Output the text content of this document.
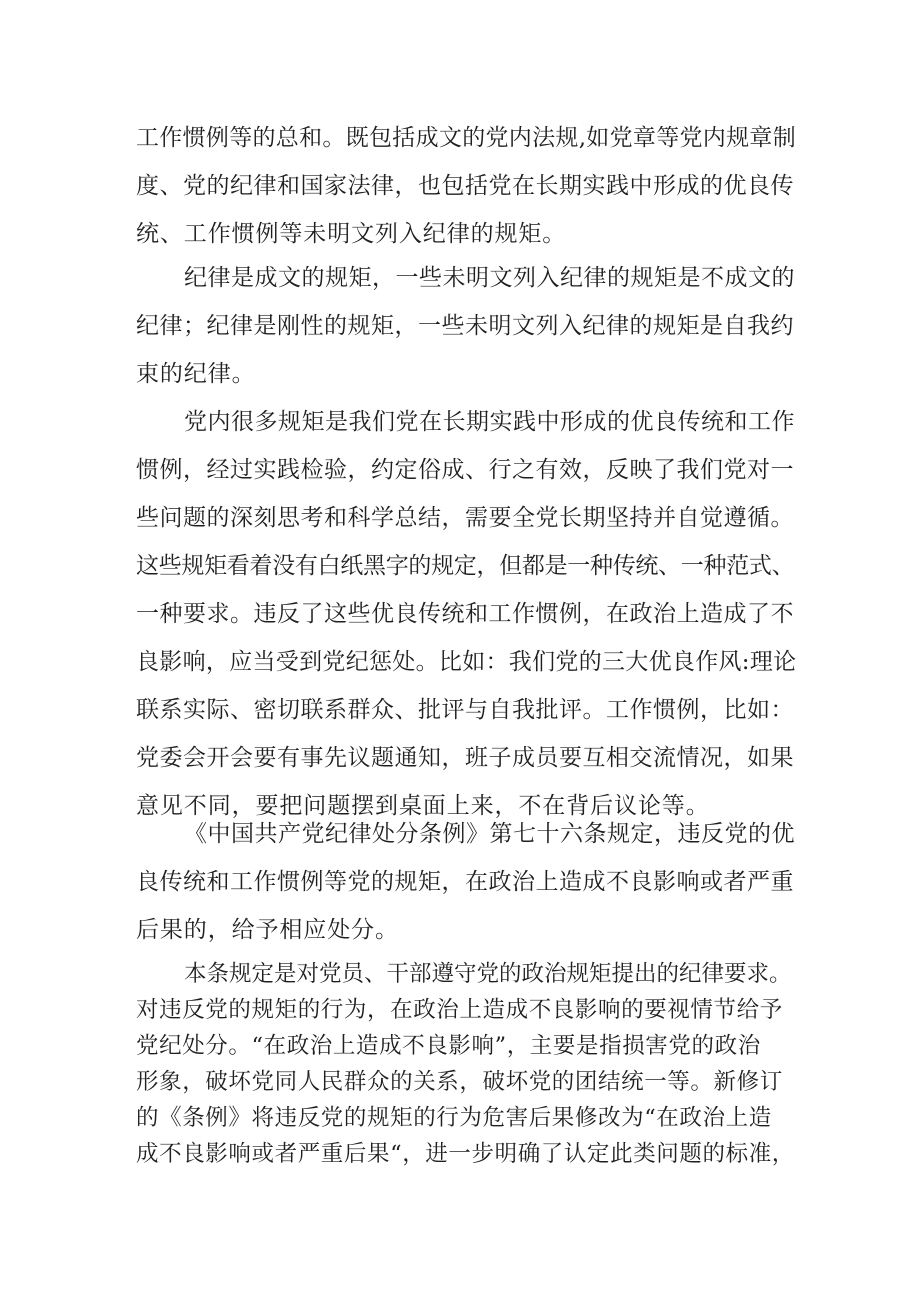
工作惯例等的总和。既包括成文的党内法规,如党章等党内规章制
度、党的纪律和国家法律，也包括党在长期实践中形成的优良传
统、工作惯例等未明文列入纪律的规矩。
纪律是成文的规矩，一些未明文列入纪律的规矩是不成文的
纪律；纪律是刚性的规矩，一些未明文列入纪律的规矩是自我约
束的纪律。
党内很多规矩是我们党在长期实践中形成的优良传统和工作
惯例，经过实践检验，约定俗成、行之有效，反映了我们党对一
些问题的深刻思考和科学总结，需要全党长期坚持并自觉遵循。
这些规矩看着没有白纸黑字的规定，但都是一种传统、一种范式、
一种要求。违反了这些优良传统和工作惯例，在政治上造成了不
良影响，应当受到党纪惩处。比如：我们党的三大优良作风:理论
联系实际、密切联系群众、批评与自我批评。工作惯例，比如：
党委会开会要有事先议题通知，班子成员要互相交流情况，如果
意见不同，要把问题摆到桌面上来，不在背后议论等。
《中国共产党纪律处分条例》第七十六条规定，违反党的优
良传统和工作惯例等党的规矩，在政治上造成不良影响或者严重
后果的，给予相应处分。
本条规定是对党员、干部遵守党的政治规矩提出的纪律要求。
对违反党的规矩的行为，在政治上造成不良影响的要视情节给予
党纪处分。“在政治上造成不良影响”，主要是指损害党的政治
形象，破坏党同人民群众的关系，破坏党的团结统一等。新修订
的《条例》将违反党的规矩的行为危害后果修改为“在政治上造
成不良影响或者严重后果“，进一步明确了认定此类问题的标准，
